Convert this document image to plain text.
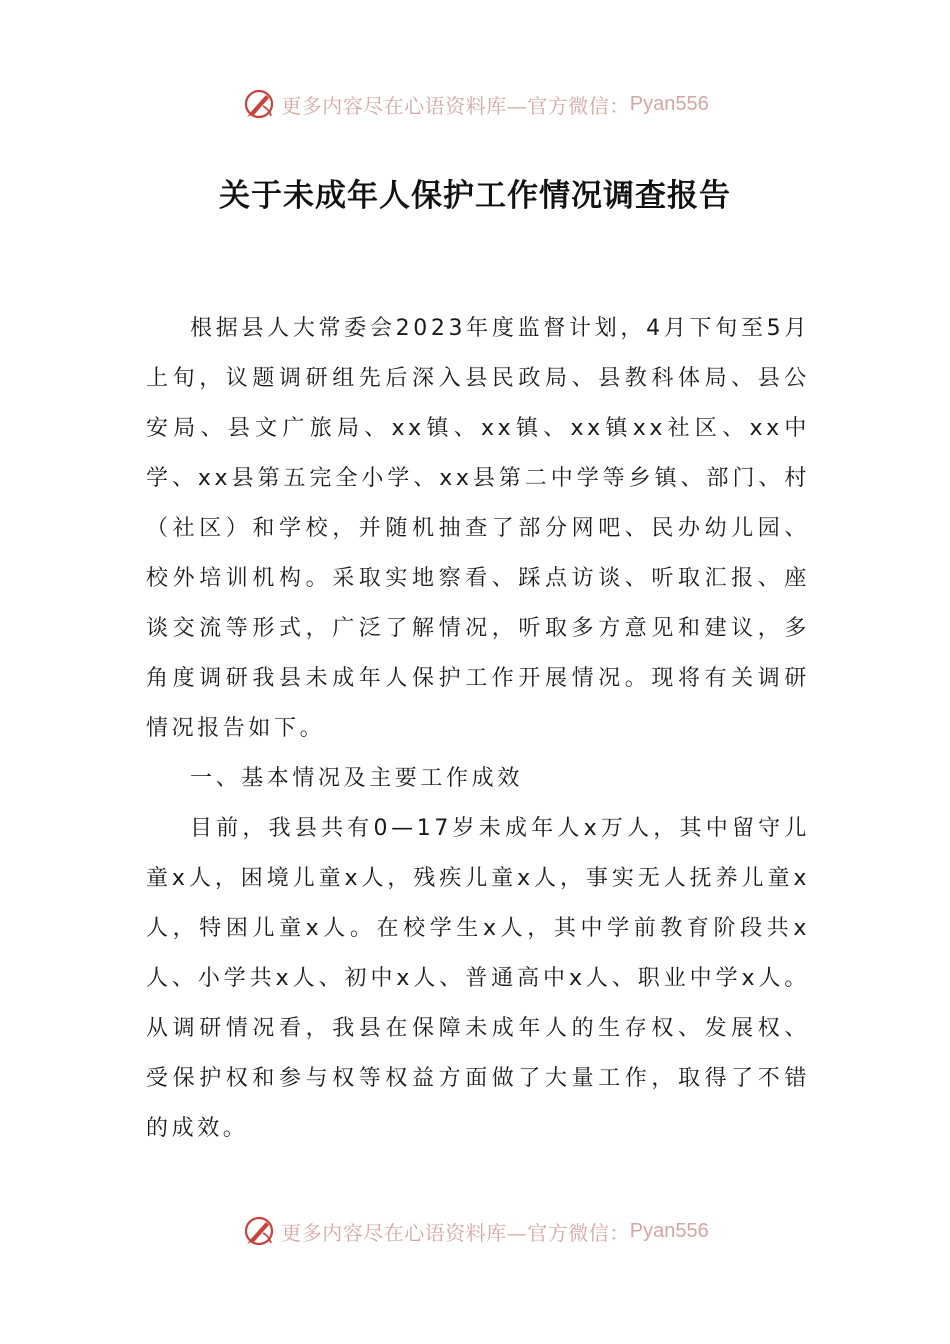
更多内容尽在心语资料库—官方微信： Pyan556
关于未成年人保护工作情况调查报告

根据县人大常委会2023年度监督计划，4月下旬至5月上旬，议题调研组先后深入县民政局、县教科体局、县公安局、县文广旅局、xx镇、xx镇、xx镇xx社区、xx中学、xx县第五完全小学、xx县第二中学等乡镇、部门、村（社区）和学校，并随机抽查了部分网吧、民办幼儿园、校外培训机构。采取实地察看、踩点访谈、听取汇报、座谈交流等形式，广泛了解情况，听取多方意见和建议，多角度调研我县未成年人保护工作开展情况。现将有关调研情况报告如下。

一、基本情况及主要工作成效

目前，我县共有0—17岁未成年人x万人，其中留守儿童x人，困境儿童x人，残疾儿童x人，事实无人抚养儿童x人，特困儿童x人。在校学生x人，其中学前教育阶段共x人、小学共x人、初中x人、普通高中x人、职业中学x人。从调研情况看，我县在保障未成年人的生存权、发展权、受保护权和参与权等权益方面做了大量工作，取得了不错的成效。

更多内容尽在心语资料库—官方微信： Pyan556
